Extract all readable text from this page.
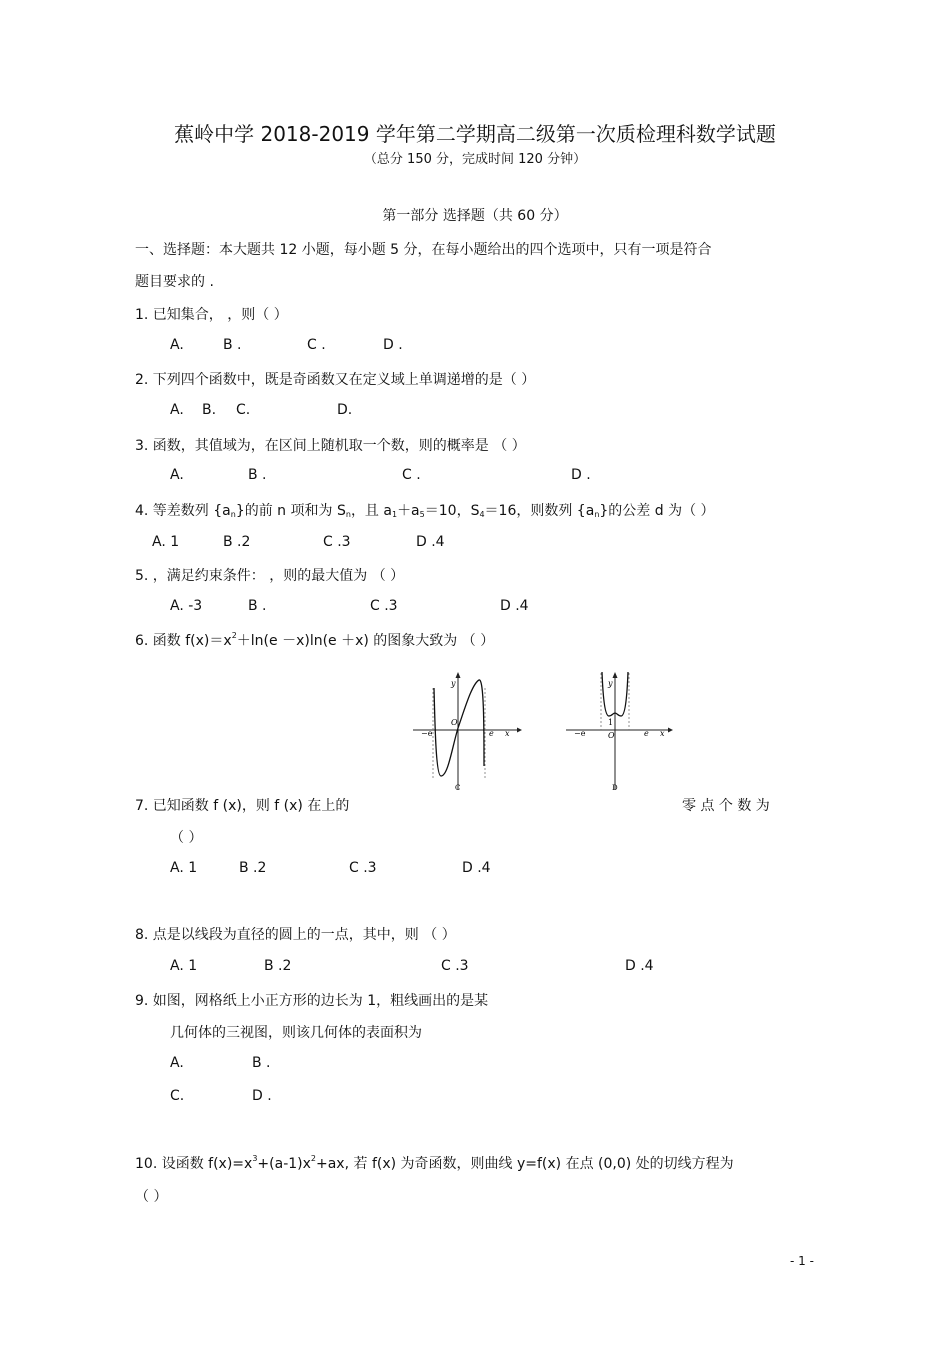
蕉岭中学 2018-2019 学年第二学期高二级第一次质检理科数学试题
（总分 150 分，完成时间 120 分钟）
第一部分 选择题（共 60 分）
一、选择题：本大题共 12 小题，每小题 5 分，在每小题给出的四个选项中，只有一项是符合
题目要求的 .
1. 已知集合， ，则（ ）
A.	B .	C .	D .
2. 下列四个函数中，既是奇函数又在定义域上单调递增的是（ ）
A. B. C.	D.
3. 函数，其值域为，在区间上随机取一个数，则的概率是 （ ）
A.	B .	C .	D .
4. 等差数列 $\{a_n\}$的前 n 项和为 $S_n$，且 $a_1+a_5=10$，$S_4=16$，则数列 $\{a_n\}$的公差 d 为（ ）
A. 1	B .2	C .3	D .4
5. ，满足约束条件： ，则的最大值为 （ ）
A. -3	B .	C .3	D .4
6. 函数 $f(x)=x^2+\ln(e -x)\ln(e +x)$ 的图象大致为 （ ）
y
O
−e	e x
C
y
1
O
−e	e x
D
7. 已知函数 f (x)，则 f (x) 在上的	零 点 个 数 为
（ ）
A. 1	B .2	C .3	D .4
8. 点是以线段为直径的圆上的一点，其中，则 （ ）
A. 1	B .2	C .3	D .4
9. 如图，网格纸上小正方形的边长为 1，粗线画出的是某
几何体的三视图，则该几何体的表面积为
A.	B .
C.	D .
10. 设函数 $f(x)=x^3+(a-1)x^2+ax$, 若 f(x) 为奇函数，则曲线 y=f(x) 在点 (0,0) 处的切线方程为
（ ）
- 1 -
